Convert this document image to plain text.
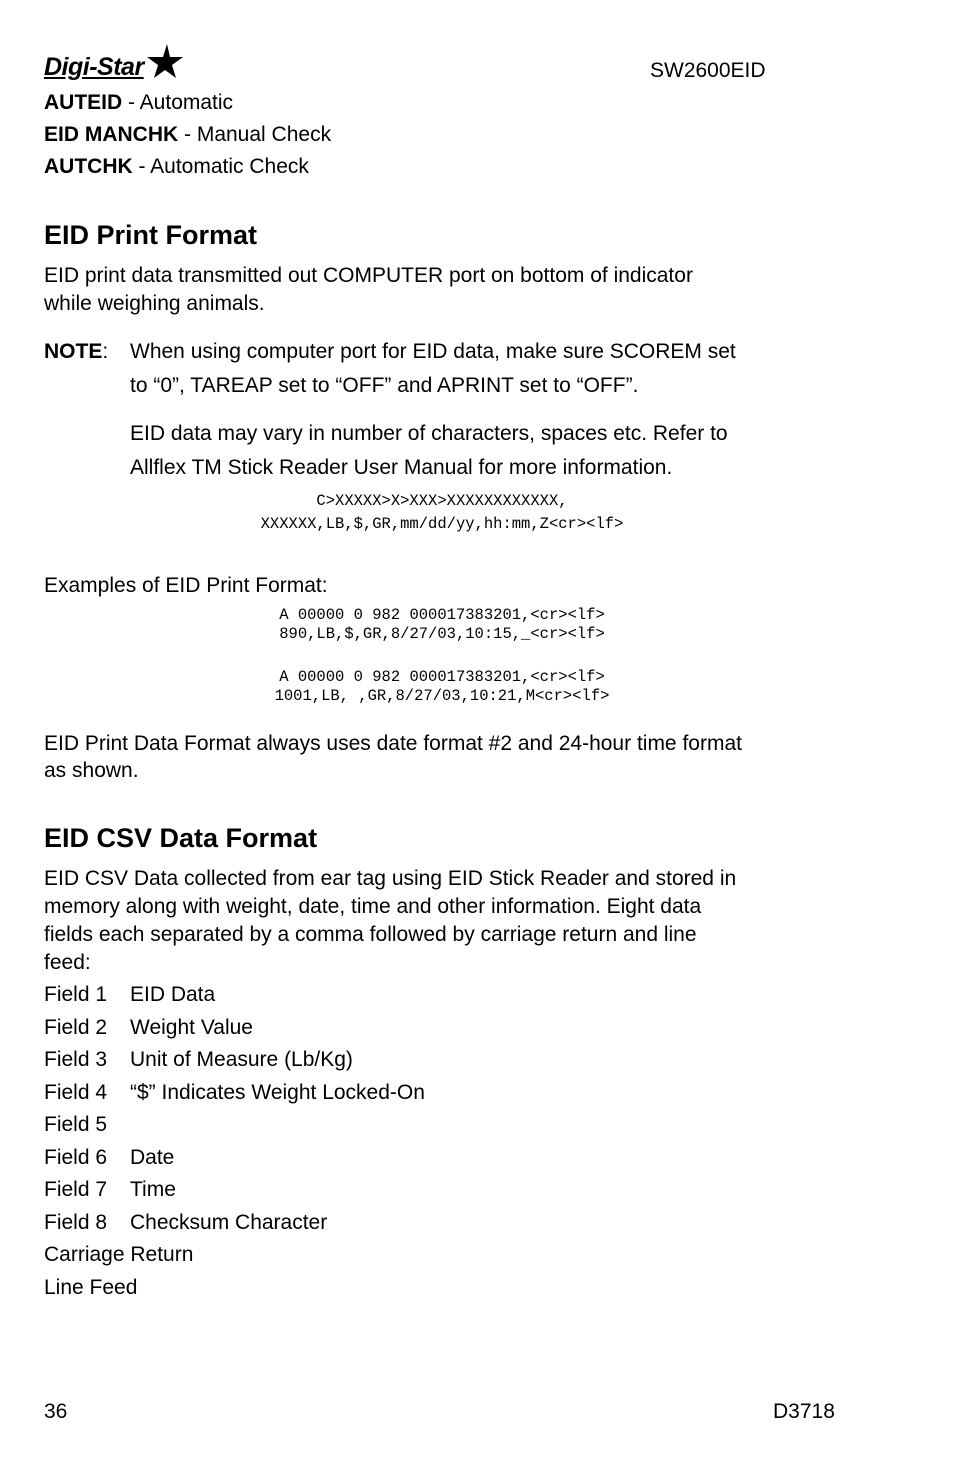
Digi-Star	SW2600EID
AUTEID - Automatic
EID MANCHK - Manual Check
AUTCHK - Automatic Check
EID Print Format
EID print data transmitted out COMPUTER port on bottom of indicator
while weighing animals.
NOTE: When using computer port for EID data, make sure SCOREM set
to “0”, TAREAP set to “OFF” and APRINT set to “OFF”.
EID data may vary in number of characters, spaces etc. Refer to
Allflex TM Stick Reader User Manual for more information.
C>XXXXX>X>XXX>XXXXXXXXXXXX,
XXXXXX,LB,$,GR,mm/dd/yy,hh:mm,Z<cr><lf>
Examples of EID Print Format:
A 00000 0 982 000017383201,<cr><lf>
890,LB,$,GR,8/27/03,10:15,_<cr><lf>
A 00000 0 982 000017383201,<cr><lf>
1001,LB, ,GR,8/27/03,10:21,M<cr><lf>
EID Print Data Format always uses date format #2 and 24-hour time format
as shown.
EID CSV Data Format
EID CSV Data collected from ear tag using EID Stick Reader and stored in
memory along with weight, date, time and other information. Eight data
fields each separated by a comma followed by carriage return and line
feed:
Field 1 EID Data
Field 2 Weight Value
Field 3 Unit of Measure (Lb/Kg)
Field 4 “$” Indicates Weight Locked-On
Field 5
Field 6 Date
Field 7 Time
Field 8 Checksum Character
Carriage Return
Line Feed
36	D3718
